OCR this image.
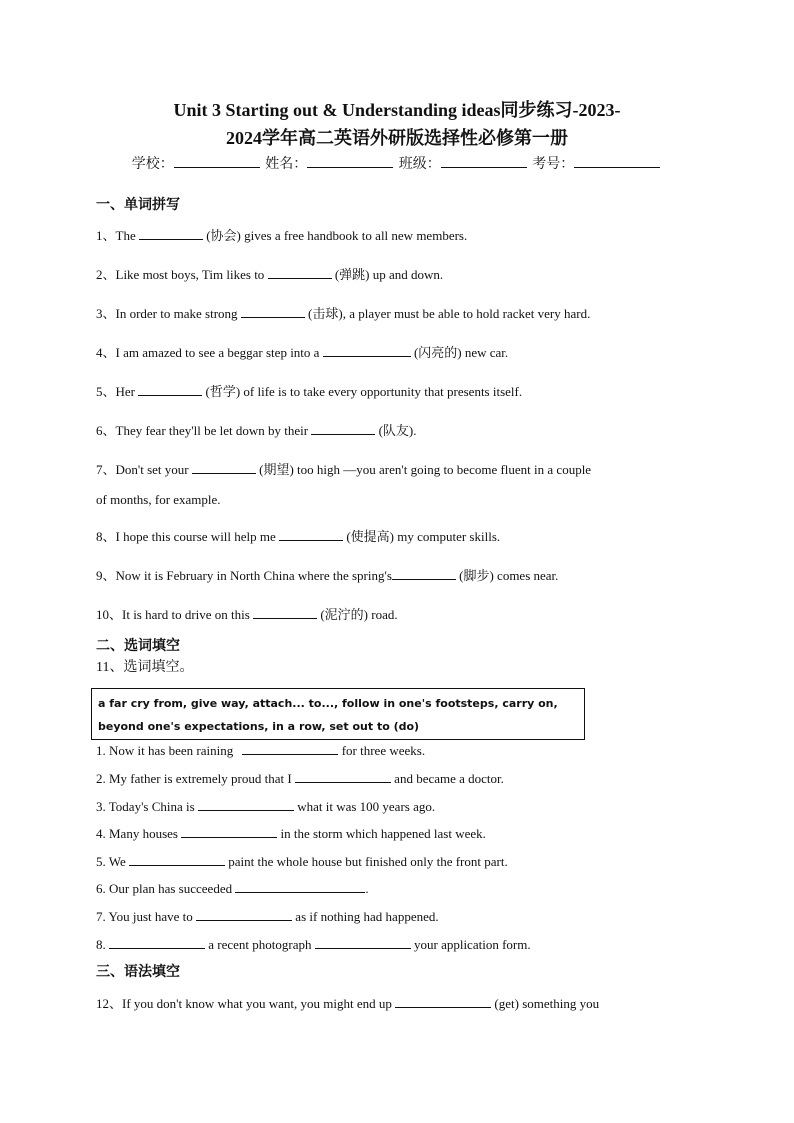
Unit 3 Starting out & Understanding ideas同步练习-2023-
2024学年高二英语外研版选择性必修第一册
学校：	姓名：	班级：	考号：
一、单词拼写
1、The	(协会) gives a free handbook to all new members.
2、Like most boys, Tim likes to	(弹跳) up and down.
3、In order to make strong	(击球), a player must be able to hold racket very hard.
4、I am amazed to see a beggar step into a	(闪亮的) new car.
5、Her	(哲学) of life is to take every opportunity that presents itself.
6、They fear they'll be let down by their	(队友).
7、Don't set your	(期望) too high —you aren't going to become fluent in a couple
of months, for example.
8、I hope this course will help me	(使提高) my computer skills.
9、Now it is February in North China where the spring's	(脚步) comes near.
10、It is hard to drive on this	(泥泞的) road.
二、选词填空
11、选词填空。
a far cry from, give way, attach... to..., follow in one's footsteps, carry on, beyond one's expectations, in a row, set out to (do)
1. Now it has been raining	for three weeks.
2. My father is extremely proud that I	and became a doctor.
3. Today's China is	what it was 100 years ago.
4. Many houses	in the storm which happened last week.
5. We	paint the whole house but finished only the front part.
6. Our plan has succeeded	.
7. You just have to	as if nothing had happened.
8.	a recent photograph	your application form.
三、语法填空
12、If you don't know what you want, you might end up	(get) something you
